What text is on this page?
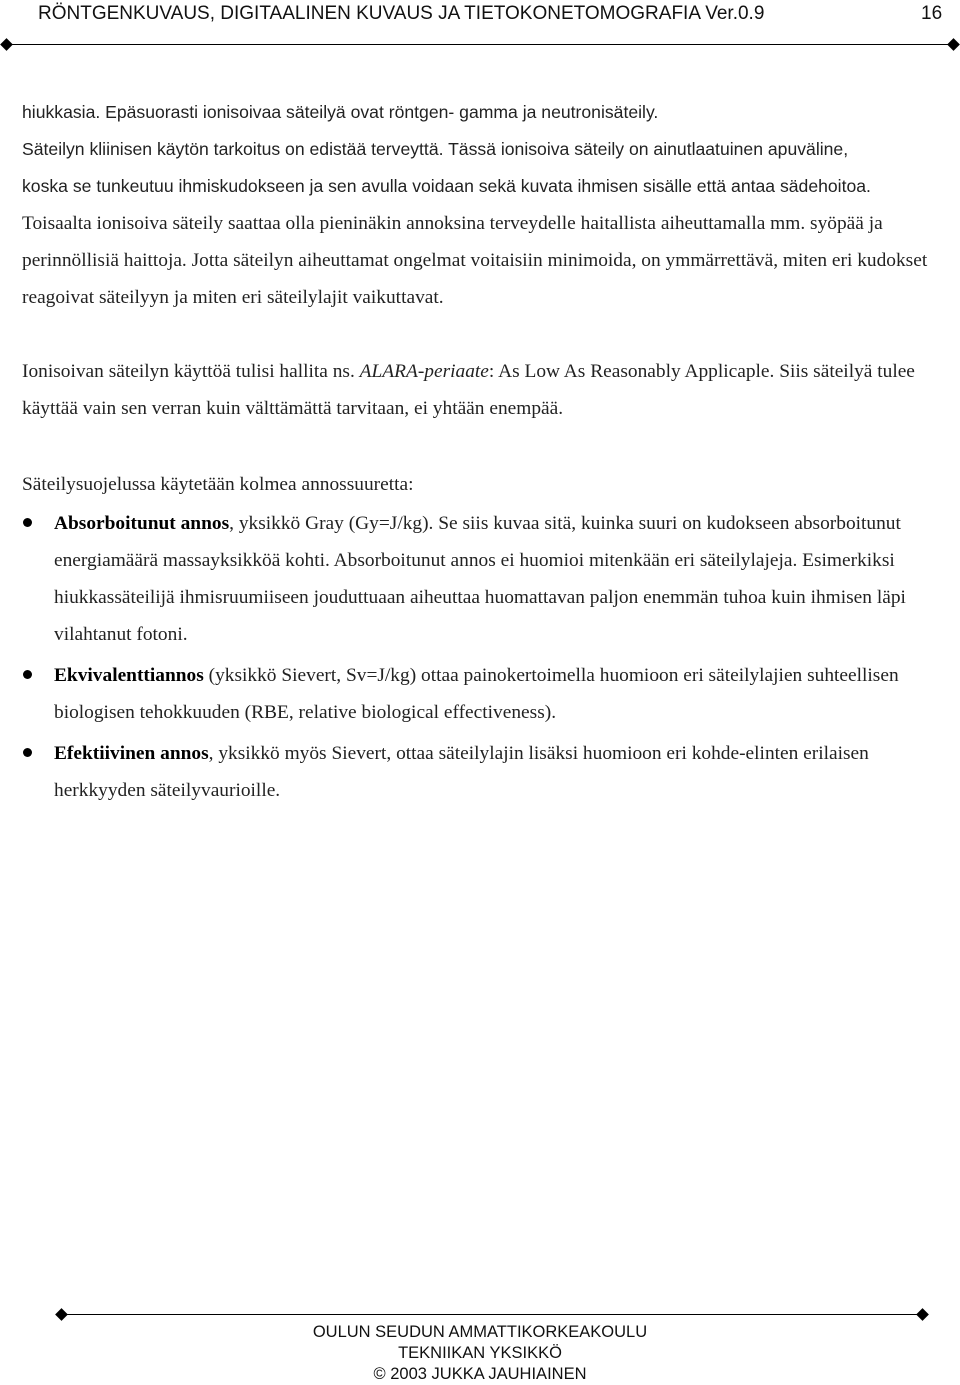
RÖNTGENKUVAUS, DIGITAALINEN KUVAUS JA TIETOKONETOMOGRAFIA Ver.0.9	16
hiukkasia. Epäsuorasti ionisoivaa säteilyä ovat röntgen- gamma ja neutronisäteily.
Säteilyn kliinisen käytön tarkoitus on edistää terveyttä. Tässä ionisoiva säteily on ainutlaatuinen apuväline,
koska se tunkeutuu ihmiskudokseen ja sen avulla voidaan sekä kuvata ihmisen sisälle että antaa sädehoitoa.

Toisaalta ionisoiva säteily saattaa olla pieninäkin annoksina terveydelle haitallista aiheuttamalla mm. syöpää ja perinnöllisiä haittoja. Jotta säteilyn aiheuttamat ongelmat voitaisiin minimoida, on ymmärrettävä, miten eri kudokset reagoivat säteilyyn ja miten eri säteilylajit vaikuttavat.

Ionisoivan säteilyn käyttöä tulisi hallita ns. ALARA-periaate: As Low As Reasonably Applicaple. Siis säteilyä tulee käyttää vain sen verran kuin välttämättä tarvitaan, ei yhtään enempää.

Säteilysuojelussa käytetään kolmea annossuuretta:

Absorboitunut annos, yksikkö Gray (Gy=J/kg). Se siis kuvaa sitä, kuinka suuri on kudokseen absorboitunut energiamäärä massayksikköä kohti. Absorboitunut annos ei huomioi mitenkään eri säteilylajeja. Esimerkiksi hiukkassäteilijä ihmisruumiiseen jouduttuaan aiheuttaa huomattavan paljon enemmän tuhoa kuin ihmisen läpi vilahtanut fotoni.
Ekvivalenttiannos (yksikkö Sievert, Sv=J/kg) ottaa painokertoimella huomioon eri säteilylajien suhteellisen biologisen tehokkuuden (RBE, relative biological effectiveness).
Efektiivinen annos, yksikkö myös Sievert, ottaa säteilylajin lisäksi huomioon eri kohde-elinten erilaisen herkkyyden säteilyvaurioille.
OULUN SEUDUN AMMATTIKORKEAKOULU
TEKNIIKAN YKSIKKÖ
© 2003 JUKKA JAUHIAINEN
